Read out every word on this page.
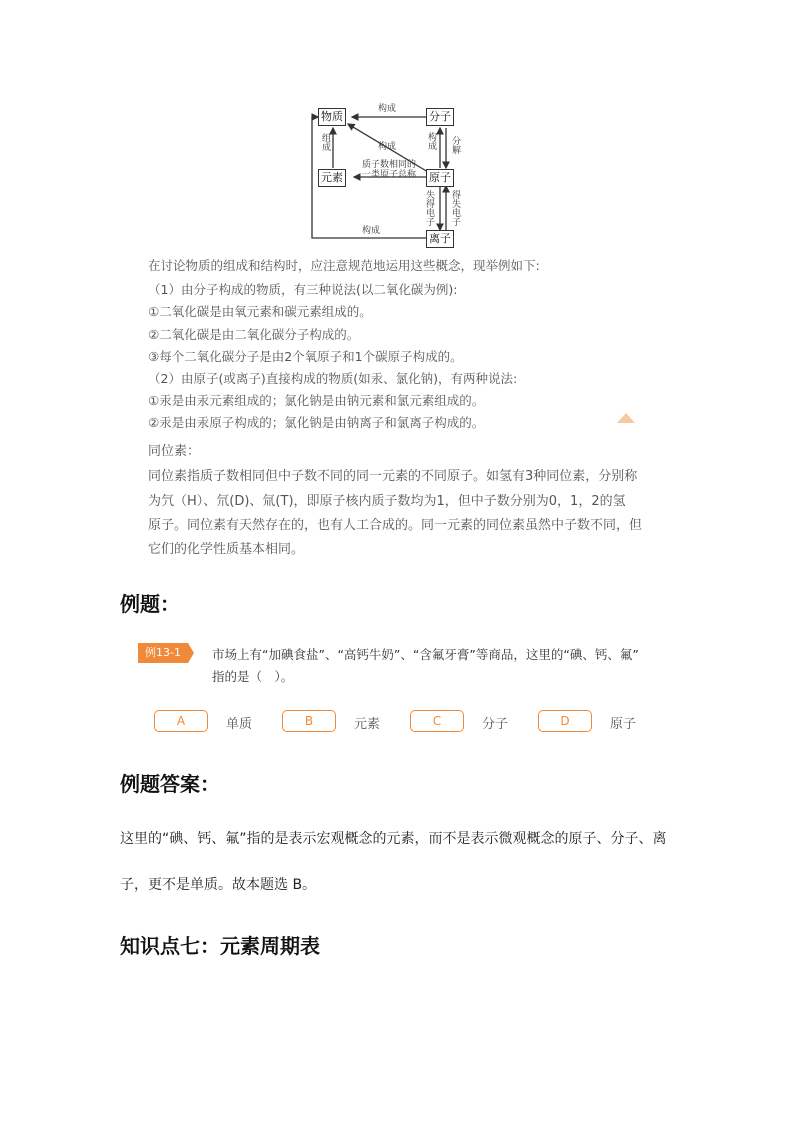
物质	分子
原子
元素
离子
构成
组成	构成	构成 分解
质子数相同的一类原子总称
失得电子 得失电子
构成
在讨论物质的组成和结构时，应注意规范地运用这些概念，现举例如下:
（1）由分子构成的物质，有三种说法(以二氧化碳为例):
①二氧化碳是由氧元素和碳元素组成的。
②二氧化碳是由二氧化碳分子构成的。
③每个二氧化碳分子是由2个氧原子和1个碳原子构成的。
（2）由原子(或离子)直接构成的物质(如汞、氯化钠)，有两种说法:
①汞是由汞元素组成的；氯化钠是由钠元素和氯元素组成的。
②汞是由汞原子构成的；氯化钠是由钠离子和氯离子构成的。
同位素：
同位素指质子数相同但中子数不同的同一元素的不同原子。如氢有3种同位素，分别称
为氕（H）、氘(D)、氚(T)，即原子核内质子数均为1，但中子数分别为0，1，2的氢
原子。同位素有天然存在的，也有人工合成的。同一元素的同位素虽然中子数不同，但
它们的化学性质基本相同。
例题：
例13-1	市场上有“加碘食盐”、“高钙牛奶”、“含氟牙膏”等商品，这里的“碘、钙、氟”
指的是（　）。
A	单质	B	元素	C	分子	D	原子
例题答案：
这里的“碘、钙、氟”指的是表示宏观概念的元素，而不是表示微观概念的原子、分子、离
子，更不是单质。故本题选 B。
知识点七：元素周期表
